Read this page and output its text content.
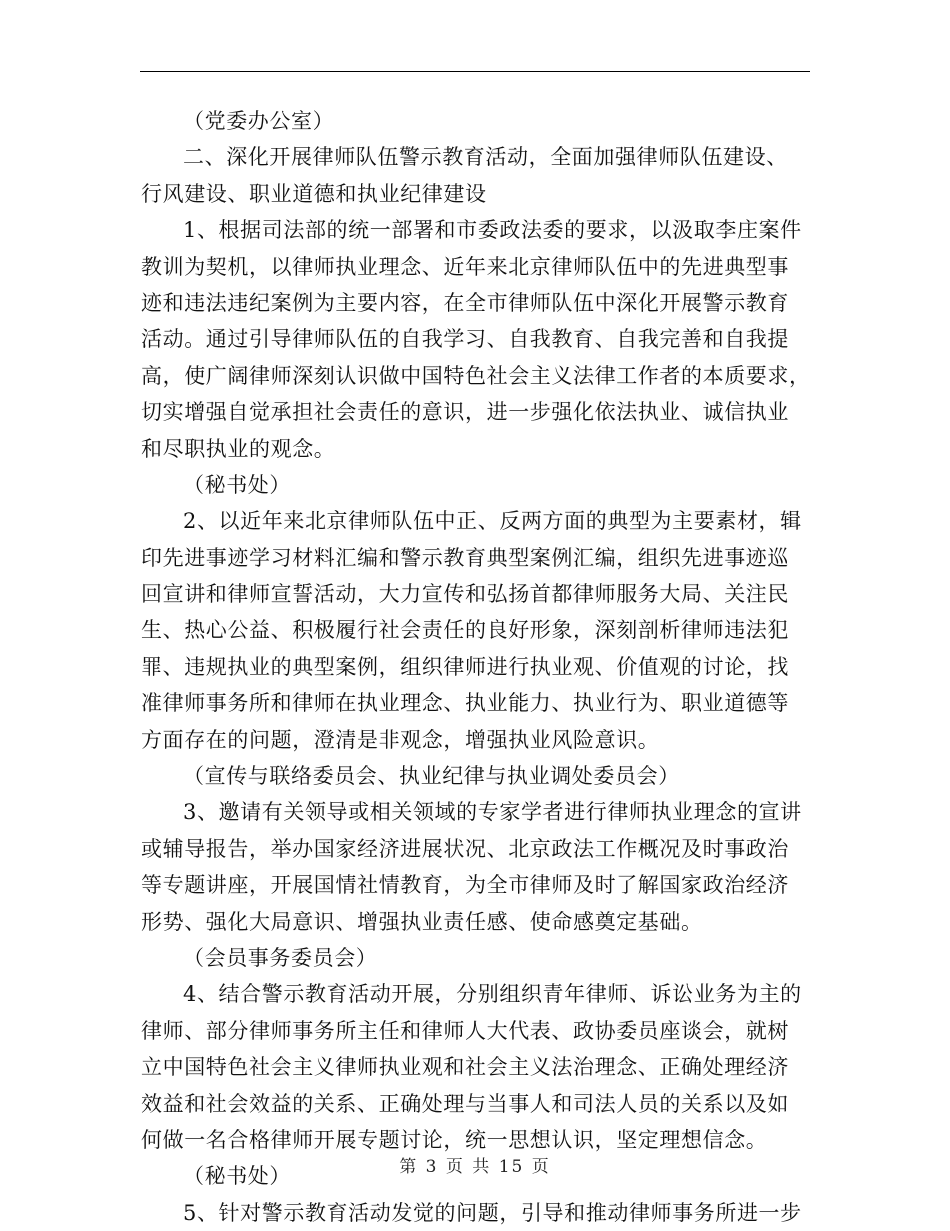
（党委办公室）
二、深化开展律师队伍警示教育活动，全面加强律师队伍建设、
行风建设、职业道德和执业纪律建设
1、根据司法部的统一部署和市委政法委的要求，以汲取李庄案件
教训为契机，以律师执业理念、近年来北京律师队伍中的先进典型事
迹和违法违纪案例为主要内容，在全市律师队伍中深化开展警示教育
活动。通过引导律师队伍的自我学习、自我教育、自我完善和自我提
高，使广阔律师深刻认识做中国特色社会主义法律工作者的本质要求，
切实增强自觉承担社会责任的意识，进一步强化依法执业、诚信执业
和尽职执业的观念。
（秘书处）
2、以近年来北京律师队伍中正、反两方面的典型为主要素材，辑
印先进事迹学习材料汇编和警示教育典型案例汇编，组织先进事迹巡
回宣讲和律师宣誓活动，大力宣传和弘扬首都律师服务大局、关注民
生、热心公益、积极履行社会责任的良好形象，深刻剖析律师违法犯
罪、违规执业的典型案例，组织律师进行执业观、价值观的讨论，找
准律师事务所和律师在执业理念、执业能力、执业行为、职业道德等
方面存在的问题，澄清是非观念，增强执业风险意识。
（宣传与联络委员会、执业纪律与执业调处委员会）
3、邀请有关领导或相关领域的专家学者进行律师执业理念的宣讲
或辅导报告，举办国家经济进展状况、北京政法工作概况及时事政治
等专题讲座，开展国情社情教育，为全市律师及时了解国家政治经济
形势、强化大局意识、增强执业责任感、使命感奠定基础。
（会员事务委员会）
4、结合警示教育活动开展，分别组织青年律师、诉讼业务为主的
律师、部分律师事务所主任和律师人大代表、政协委员座谈会，就树
立中国特色社会主义律师执业观和社会主义法治理念、正确处理经济
效益和社会效益的关系、正确处理与当事人和司法人员的关系以及如
何做一名合格律师开展专题讨论，统一思想认识，坚定理想信念。
（秘书处）
5、针对警示教育活动发觉的问题，引导和推动律师事务所进一步
第 3 页 共 15 页
